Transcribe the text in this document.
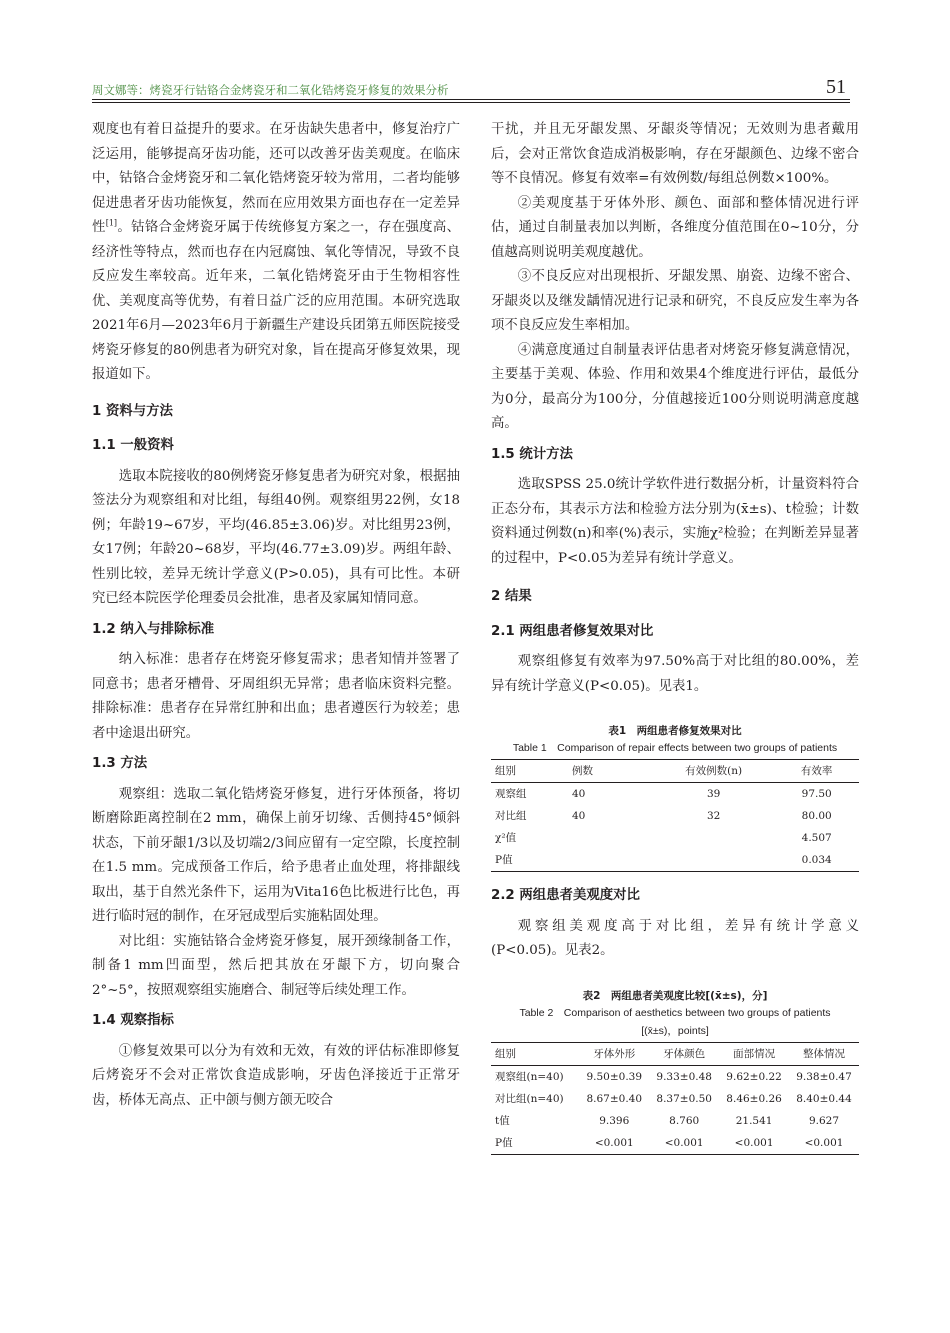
周文娜等：烤瓷牙行钴铬合金烤瓷牙和二氧化锆烤瓷牙修复的效果分析	51

观度也有着日益提升的要求。在牙齿缺失患者中，修复治疗广泛运用，能够提高牙齿功能，还可以改善牙齿美观度。在临床中，钴铬合金烤瓷牙和二氧化锆烤瓷牙较为常用，二者均能够促进患者牙齿功能恢复，然而在应用效果方面也存在一定差异性[1]。钴铬合金烤瓷牙属于传统修复方案之一，存在强度高、经济性等特点，然而也存在内冠腐蚀、氧化等情况，导致不良反应发生率较高。近年来，二氧化锆烤瓷牙由于生物相容性优、美观度高等优势，有着日益广泛的应用范围。本研究选取2021年6月—2023年6月于新疆生产建设兵团第五师医院接受烤瓷牙修复的80例患者为研究对象，旨在提高牙修复效果，现报道如下。

1 资料与方法
1.1 一般资料

选取本院接收的80例烤瓷牙修复患者为研究对象，根据抽签法分为观察组和对比组，每组40例。观察组男22例，女18例；年龄19~67岁，平均(46.85±3.06)岁。对比组男23例，女17例；年龄20~68岁，平均(46.77±3.09)岁。两组年龄、性别比较，差异无统计学意义(P>0.05)，具有可比性。本研究已经本院医学伦理委员会批准，患者及家属知情同意。

1.2 纳入与排除标准

纳入标准：患者存在烤瓷牙修复需求；患者知情并签署了同意书；患者牙槽骨、牙周组织无异常；患者临床资料完整。排除标准：患者存在异常红肿和出血；患者遵医行为较差；患者中途退出研究。

1.3 方法

观察组：选取二氧化锆烤瓷牙修复，进行牙体预备，将切断磨除距离控制在2 mm，确保上前牙切缘、舌侧持45°倾斜状态，下前牙龈1/3以及切端2/3间应留有一定空隙，长度控制在1.5 mm。完成预备工作后，给予患者止血处理，将排龈线取出，基于自然光条件下，运用为Vita16色比板进行比色，再进行临时冠的制作，在牙冠成型后实施粘固处理。

对比组：实施钴铬合金烤瓷牙修复，展开颈缘制备工作，制备1 mm凹面型，然后把其放在牙龈下方，切向聚合2°~5°，按照观察组实施磨合、制冠等后续处理工作。

1.4 观察指标

①修复效果可以分为有效和无效，有效的评估标准即修复后烤瓷牙不会对正常饮食造成影响，牙齿色泽接近于正常牙齿，桥体无高点、正中颌与侧方颌无咬合

干扰，并且无牙龈发黑、牙龈炎等情况；无效则为患者戴用后，会对正常饮食造成消极影响，存在牙龈颜色、边缘不密合等不良情况。修复有效率=有效例数/每组总例数×100%。

②美观度基于牙体外形、颜色、面部和整体情况进行评估，通过自制量表加以判断，各维度分值范围在0~10分，分值越高则说明美观度越优。

③不良反应对出现根折、牙龈发黑、崩瓷、边缘不密合、牙龈炎以及继发龋情况进行记录和研究，不良反应发生率为各项不良反应发生率相加。

④满意度通过自制量表评估患者对烤瓷牙修复满意情况，主要基于美观、体验、作用和效果4个维度进行评估，最低分为0分，最高分为100分，分值越接近100分则说明满意度越高。

1.5 统计方法

选取SPSS 25.0统计学软件进行数据分析，计量资料符合正态分布，其表示方法和检验方法分别为(x̄±s)、t检验；计数资料通过例数(n)和率(%)表示，实施χ²检验；在判断差异显著的过程中，P<0.05为差异有统计学意义。

2 结果
2.1 两组患者修复效果对比

观察组修复有效率为97.50%高于对比组的80.00%，差异有统计学意义(P<0.05)。见表1。

表1　两组患者修复效果对比
Table 1　Comparison of repair effects between two groups of patients
组别	例数	有效例数(n)	有效率
观察组	40	39	97.50
对比组	40	32	80.00
χ²值			4.507
P值			0.034
2.2 两组患者美观度对比

观察组美观度高于对比组，差异有统计学意义(P<0.05)。见表2。

表2　两组患者美观度比较[(x̄±s)，分]
Table 2　Comparison of aesthetics between two groups of patients
[(x̄±s)，points]
组别	牙体外形	牙体颜色	面部情况	整体情况
观察组(n=40)	9.50±0.39	9.33±0.48	9.62±0.22	9.38±0.47
对比组(n=40)	8.67±0.40	8.37±0.50	8.46±0.26	8.40±0.44
t值	9.396	8.760	21.541	9.627
P值	<0.001	<0.001	<0.001	<0.001
